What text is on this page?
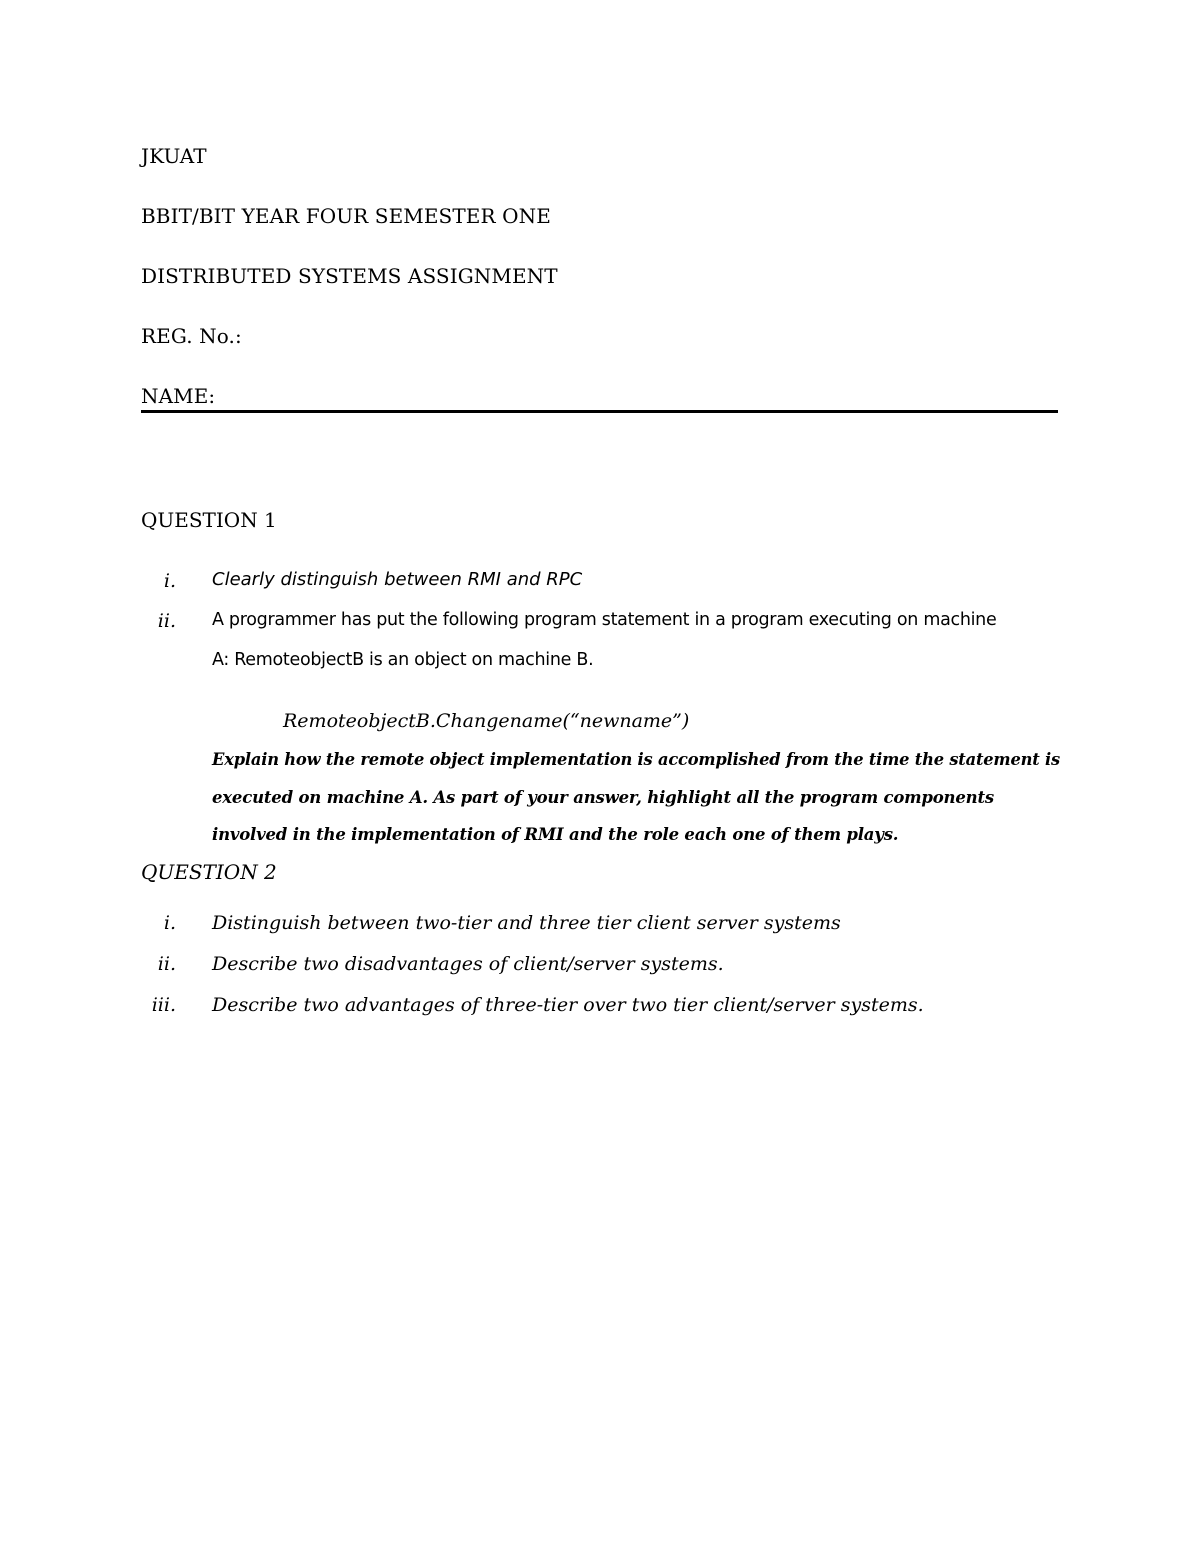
JKUAT
BBIT/BIT YEAR FOUR SEMESTER ONE
DISTRIBUTED SYSTEMS ASSIGNMENT
REG. No.:
NAME:
QUESTION 1
i. Clearly distinguish between RMI and RPC
ii. A programmer has put the following program statement in a program executing on machine
A: RemoteobjectB is an object on machine B.
RemoteobjectB.Changename(“newname”)
Explain how the remote object implementation is accomplished from the time the statement is
executed on machine A. As part of your answer, highlight all the program components
involved in the implementation of RMI and the role each one of them plays.
QUESTION 2
i. Distinguish between two-tier and three tier client server systems
ii. Describe two disadvantages of client/server systems.
iii. Describe two advantages of three-tier over two tier client/server systems.
